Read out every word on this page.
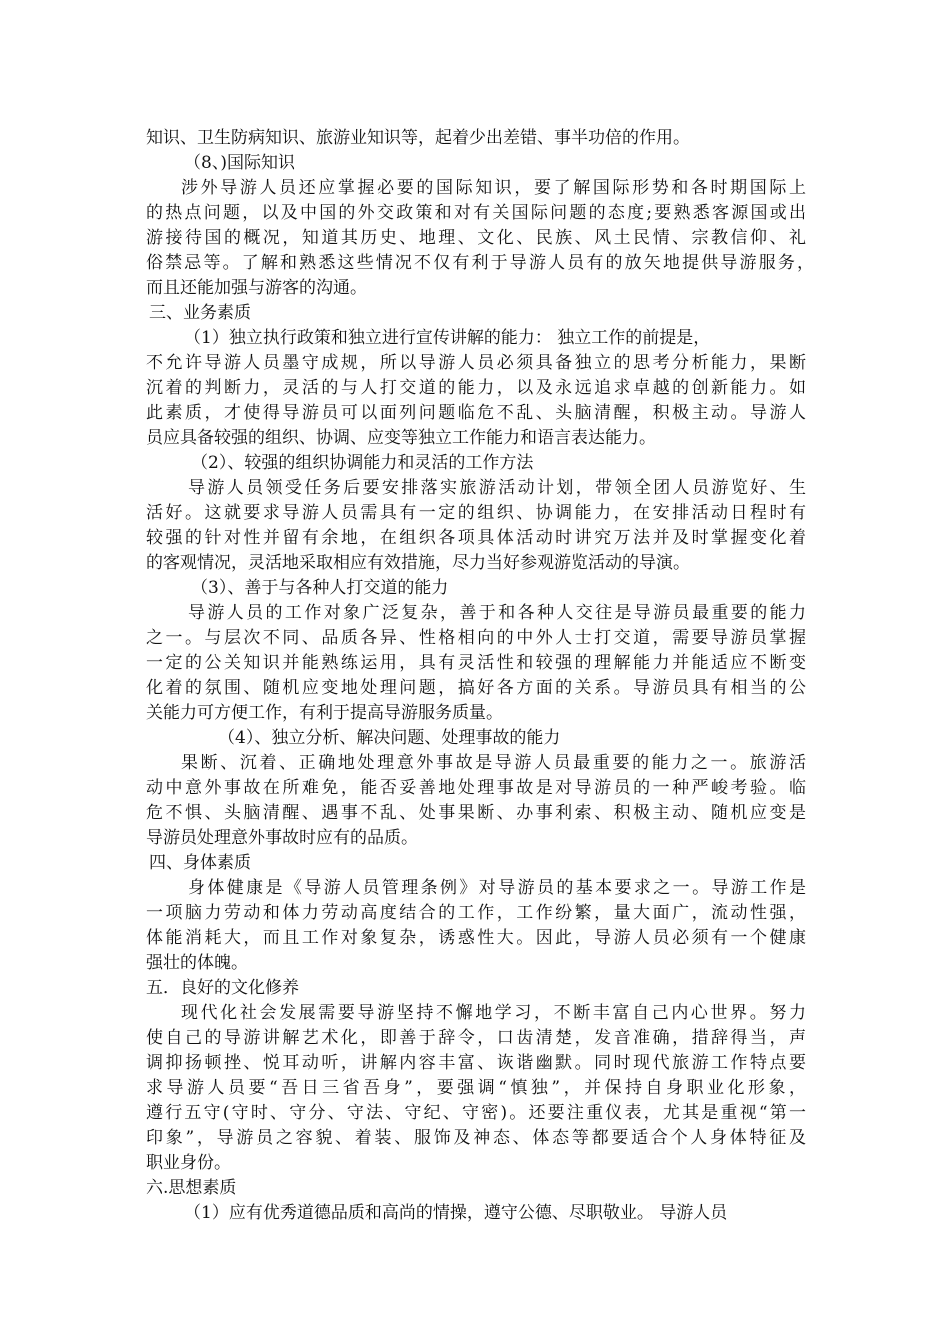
知识、卫生防病知识、旅游业知识等，起着少出差错、事半功倍的作用。
（8、)国际知识
涉外导游人员还应掌握必要的国际知识，要了解国际形势和各时期国际上
的热点问题，以及中国的外交政策和对有关国际问题的态度;要熟悉客源国或出
游接待国的概况，知道其历史、地理、文化、民族、风土民情、宗教信仰、礼
俗禁忌等。了解和熟悉这些情况不仅有利于导游人员有的放矢地提供导游服务，
而且还能加强与游客的沟通。
三、业务素质
（1）独立执行政策和独立进行宣传讲解的能力： 独立工作的前提是，
不允许导游人员墨守成规，所以导游人员必须具备独立的思考分析能力，果断
沉着的判断力，灵活的与人打交道的能力，以及永远追求卓越的创新能力。如
此素质，才使得导游员可以面列问题临危不乱、头脑清醒，积极主动。导游人
员应具备较强的组织、协调、应变等独立工作能力和语言表达能力。
（2）、较强的组织协调能力和灵活的工作方法
导游人员领受任务后要安排落实旅游活动计划，带领全团人员游览好、生
活好。这就要求导游人员需具有一定的组织、协调能力，在安排活动日程时有
较强的针对性并留有余地，在组织各项具体活动时讲究万法并及时掌握变化着
的客观情况，灵活地采取相应有效措施，尽力当好参观游览活动的导演。
（3）、善于与各种人打交道的能力
导游人员的工作对象广泛复杂，善于和各种人交往是导游员最重要的能力
之一。与层次不同、品质各异、性格相向的中外人士打交道，需要导游员掌握
一定的公关知识并能熟练运用，具有灵活性和较强的理解能力并能适应不断变
化着的氛围、随机应变地处理问题，搞好各方面的关系。导游员具有相当的公
关能力可方便工作，有利于提高导游服务质量。
（4）、独立分析、解决问题、处理事故的能力
果断、沉着、正确地处理意外事故是导游人员最重要的能力之一。旅游活
动中意外事故在所难免，能否妥善地处理事故是对导游员的一种严峻考验。临
危不惧、头脑清醒、遇事不乱、处事果断、办事利索、积极主动、随机应变是
导游员处理意外事故时应有的品质。
四、身体素质
身体健康是《导游人员管理条例》对导游员的基本要求之一。导游工作是
一项脑力劳动和体力劳动高度结合的工作，工作纷繁，量大面广，流动性强，
体能消耗大，而且工作对象复杂，诱惑性大。因此，导游人员必须有一个健康
强壮的体魄。
五．良好的文化修养
现代化社会发展需要导游坚持不懈地学习，不断丰富自己内心世界。努力
使自己的导游讲解艺术化，即善于辞令，口齿清楚，发音准确，措辞得当，声
调抑扬顿挫、悦耳动听，讲解内容丰富、诙谐幽默。同时现代旅游工作特点要
求导游人员要“吾日三省吾身”，要强调“慎独”，并保持自身职业化形象，
遵行五守(守时、守分、守法、守纪、守密)。还要注重仪表，尤其是重视“第一
印象”，导游员之容貌、着装、服饰及神态、体态等都要适合个人身体特征及
职业身份。
六.思想素质
（1）应有优秀道德品质和高尚的情操，遵守公德、尽职敬业。 导游人员
